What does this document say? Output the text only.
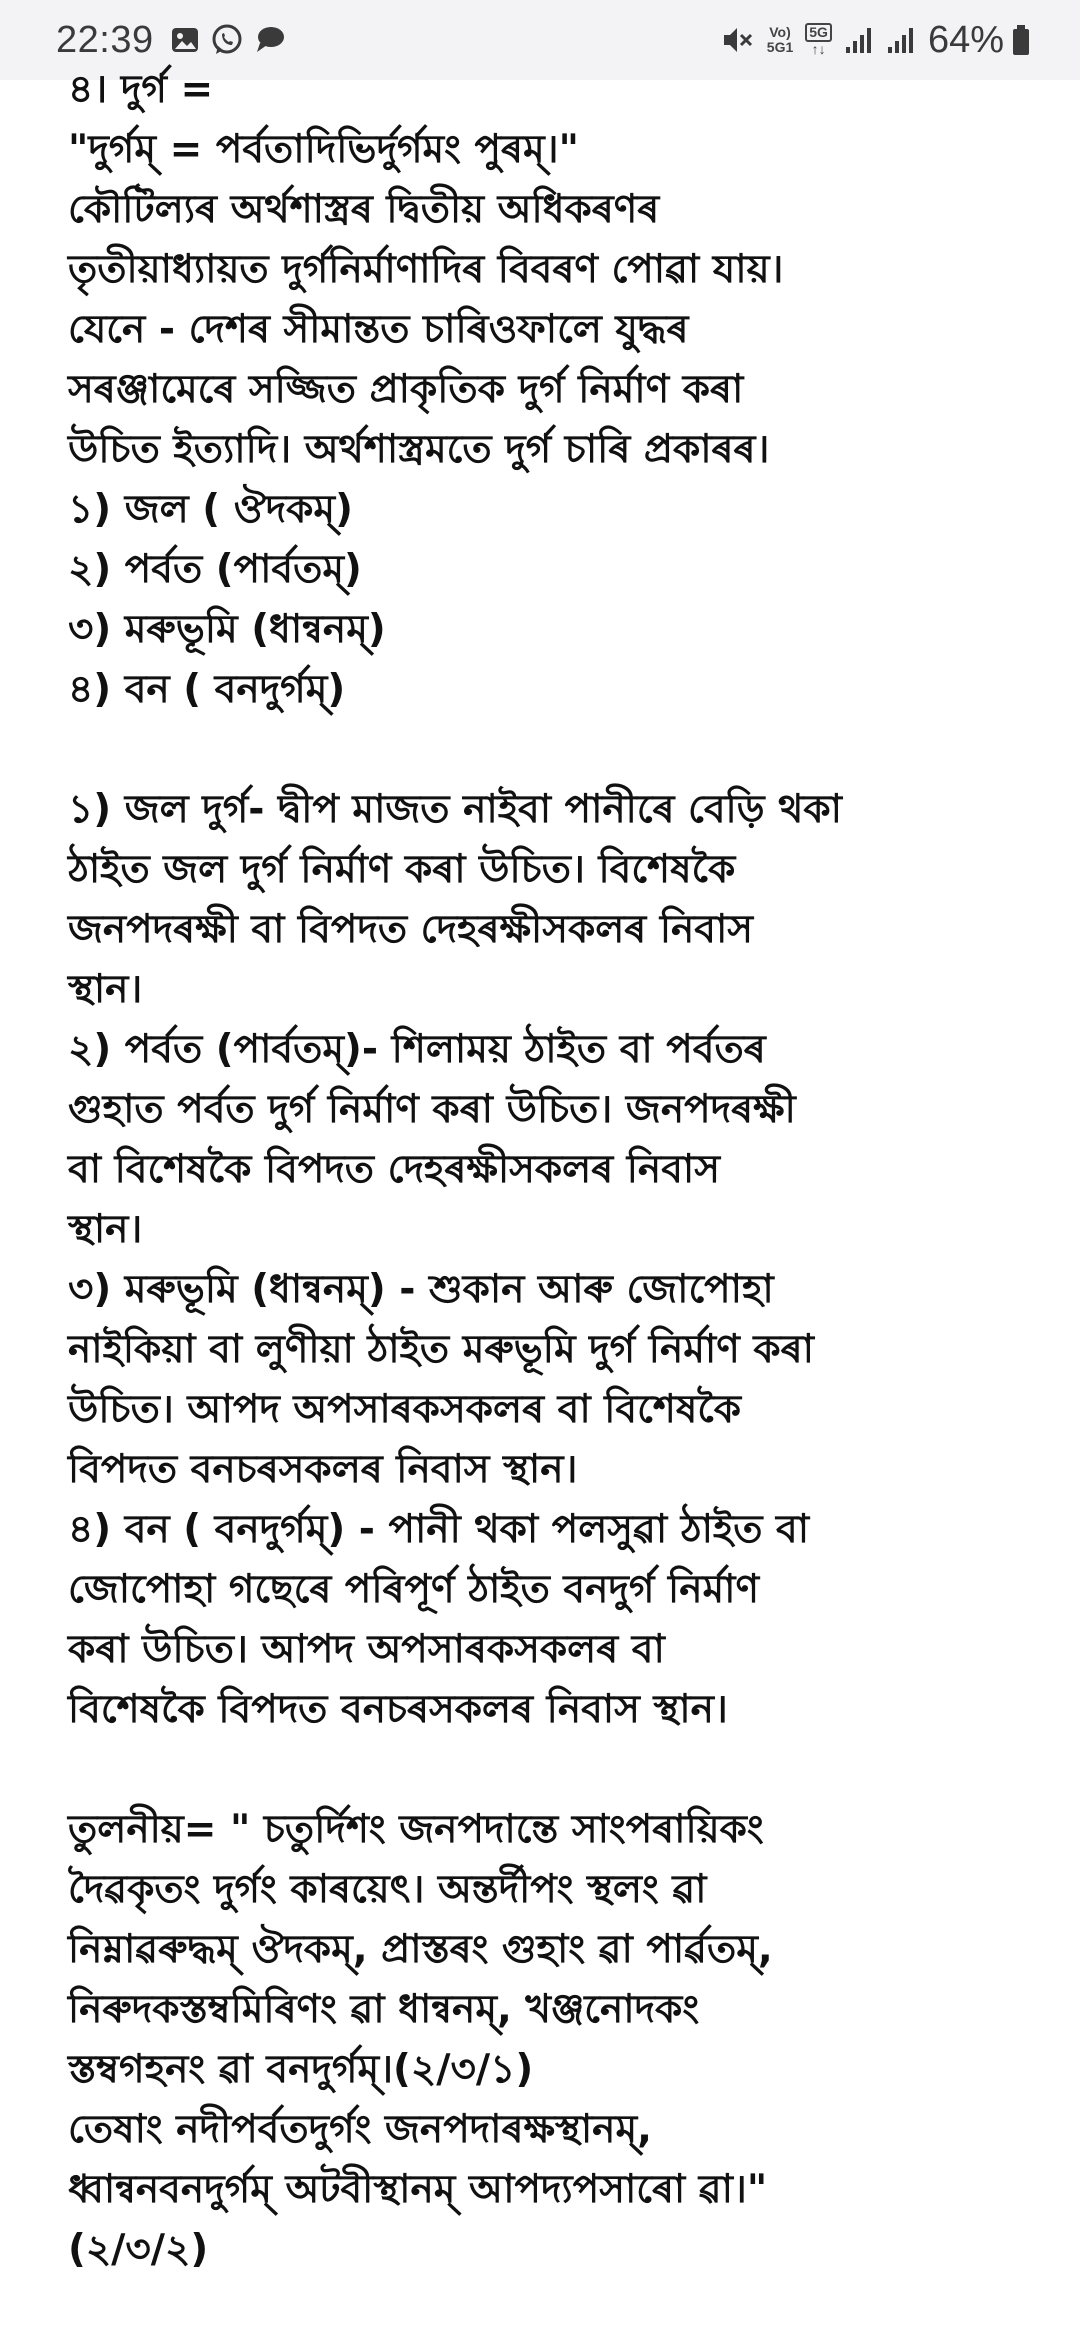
22:39	Vo)
5G1
5G
↑↓	64%
৪। দুৰ্গ =
"দুৰ্গম্ = পৰ্বতাদিভিৰ্দুৰ্গমং পুৰম্।"
কৌটিল্যৰ অৰ্থশাস্ত্ৰৰ দ্বিতীয় অধিকৰণৰ
তৃতীয়াধ্যায়ত দুৰ্গনিৰ্মাণাদিৰ বিবৰণ পোৱা যায়।
যেনে - দেশৰ সীমান্তত চাৰিওফালে যুদ্ধৰ
সৰঞ্জামেৰে সজ্জিত প্ৰাকৃতিক দুৰ্গ নিৰ্মাণ কৰা
উচিত ইত্যাদি। অৰ্থশাস্ত্ৰমতে দুৰ্গ চাৰি প্ৰকাৰৰ।
১) জল ( ঔদকম্)
২) পৰ্বত (পাৰ্বতম্)
৩) মৰুভূমি (ধান্বনম্)
৪) বন ( বনদুৰ্গম্)
১) জল দুৰ্গ- দ্বীপ মাজত নাইবা পানীৰে বেড়ি থকা
ঠাইত জল দুৰ্গ নিৰ্মাণ কৰা উচিত। বিশেষকৈ
জনপদৰক্ষী বা বিপদত দেহৰক্ষীসকলৰ নিবাস
স্থান।
২) পৰ্বত (পাৰ্বতম্)- শিলাময় ঠাইত বা পৰ্বতৰ
গুহাত পৰ্বত দুৰ্গ নিৰ্মাণ কৰা উচিত। জনপদৰক্ষী
বা বিশেষকৈ বিপদত দেহৰক্ষীসকলৰ নিবাস
স্থান।
৩) মৰুভূমি (ধান্বনম্) - শুকান আৰু জোপোহা
নাইকিয়া বা লুণীয়া ঠাইত মৰুভূমি দুৰ্গ নিৰ্মাণ কৰা
উচিত। আপদ অপসাৰকসকলৰ বা বিশেষকৈ
বিপদত বনচৰসকলৰ নিবাস স্থান।
৪) বন ( বনদুৰ্গম্) - পানী থকা পলসুৱা ঠাইত বা
জোপোহা গছেৰে পৰিপূৰ্ণ ঠাইত বনদুৰ্গ নিৰ্মাণ
কৰা উচিত। আপদ অপসাৰকসকলৰ বা
বিশেষকৈ বিপদত বনচৰসকলৰ নিবাস স্থান।
তুলনীয়= " চতুৰ্দিশং জনপদান্তে সাংপৰায়িকং
দৈৱকৃতং দুৰ্গং কাৰয়েৎ। অন্তৰ্দীপং স্থলং ৱা
নিম্নাৱৰুদ্ধম্ ঔদকম্, প্ৰাস্তৰং গুহাং ৱা পাৰ্ৱতম্,
নিৰুদকস্তম্বমিৰিণং ৱা ধান্বনম্, খঞ্জনোদকং
স্তম্বগহনং ৱা বনদুৰ্গম্।(২/৩/১)
তেষাং নদীপৰ্বতদুৰ্গং জনপদাৰক্ষস্থানম্,
ধ্বান্বনবনদুৰ্গম্ অটবীস্থানম্ আপদ্যপসাৰো ৱা।"
(২/৩/২)
